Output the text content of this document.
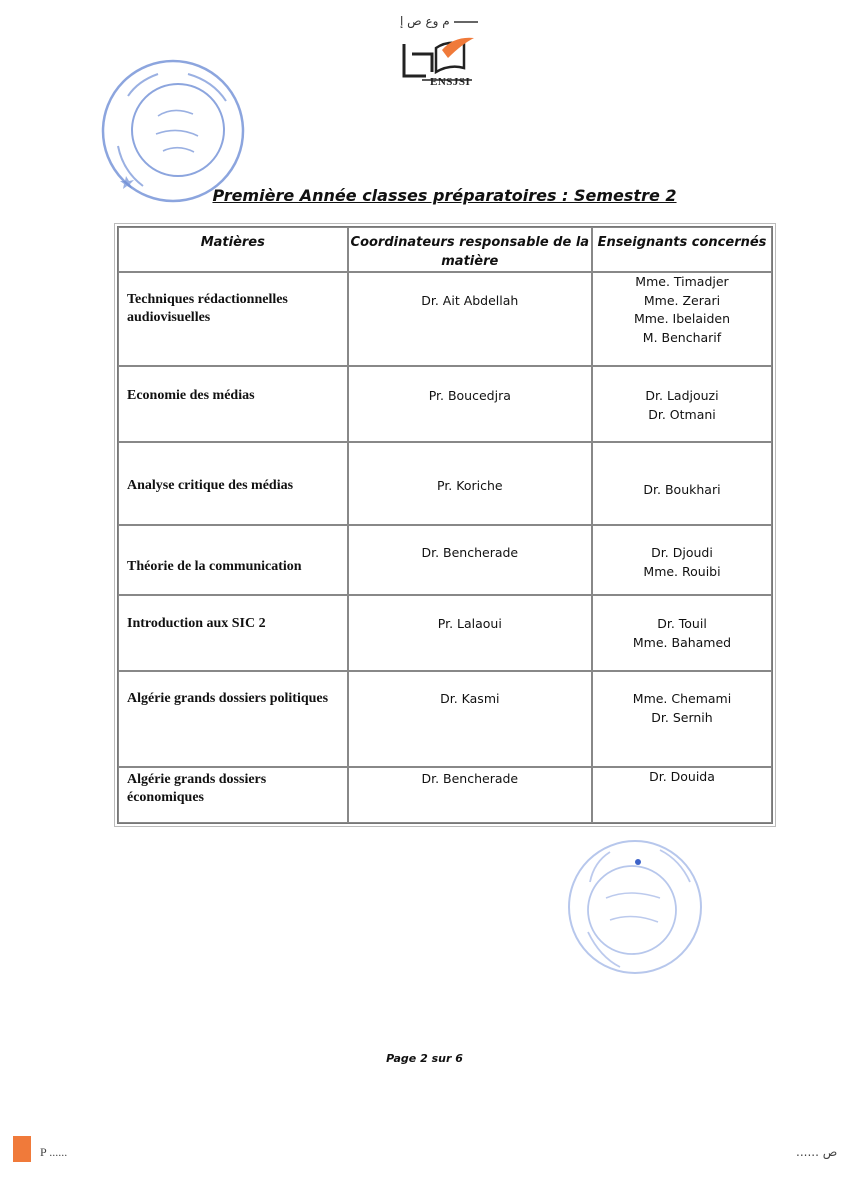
م وع ص إ
ENSJSI
Première Année classes préparatoires : Semestre 2
Matières	Coordinateurs responsable de la matière	Enseignants concernés
Techniques rédactionnelles audiovisuelles	Dr. Ait Abdellah	Mme. Timadjer
Mme. Zerari
Mme. Ibelaiden
M. Bencharif

Economie des médias	Pr. Boucedjra	Dr. Ladjouzi
Dr. Otmani

Analyse critique des médias	Pr. Koriche	Dr. Boukhari

Théorie de la communication	Dr. Bencherade	Dr. Djoudi
Mme. Rouibi

Introduction aux SIC 2	Pr. Lalaoui	Dr. Touil
Mme. Bahamed

Algérie grands dossiers politiques	Dr. Kasmi	Mme. Chemami
Dr. Sernih

Algérie grands dossiers économiques	Dr. Bencherade	Dr. Douida
Page 2 sur 6
P ......	...... ص
